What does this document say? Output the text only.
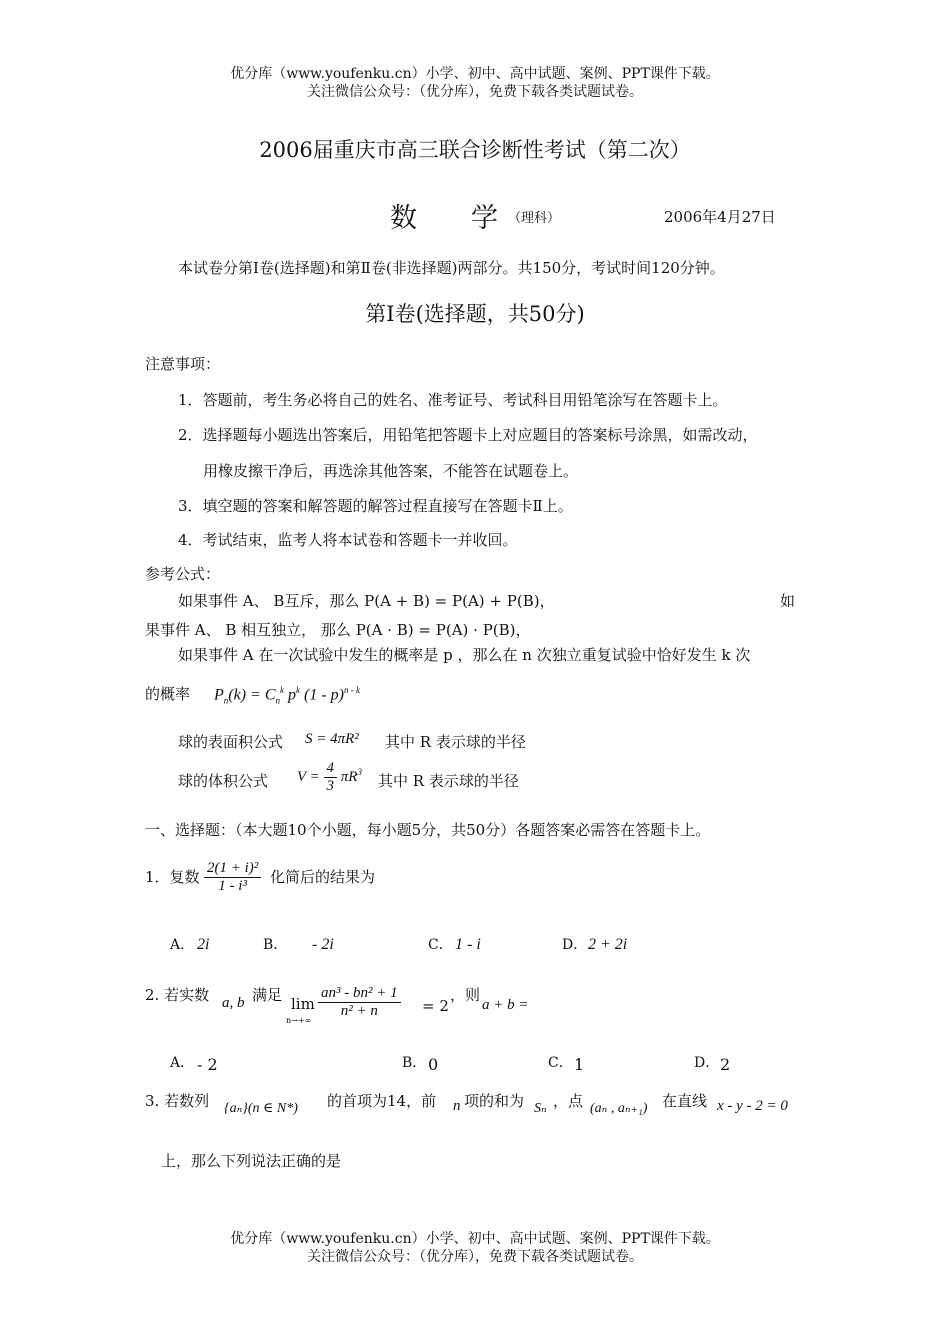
优分库（www.youfenku.cn）小学、初中、高中试题、案例、PPT课件下载。
关注微信公众号：（优分库），免费下载各类试题试卷。
2006届重庆市高三联合诊断性考试（第二次）
数　　学 （理科）	2006年4月27日
本试卷分第Ⅰ卷(选择题)和第Ⅱ卷(非选择题)两部分。共150分，考试时间120分钟。
第Ⅰ卷(选择题，共50分)
注意事项：
1．答题前，考生务必将自己的姓名、准考证号、考试科目用铅笔涂写在答题卡上。
2．选择题每小题选出答案后，用铅笔把答题卡上对应题目的答案标号涂黑，如需改动，
用橡皮擦干净后，再选涂其他答案，不能答在试题卷上。
3．填空题的答案和解答题的解答过程直接写在答题卡Ⅱ上。
4．考试结束，监考人将本试卷和答题卡一并收回。
参考公式：
如果事件 A、 B互斥，那么 P(A + B) = P(A) + P(B)，	如
果事件 A、 B 相互独立， 那么 P(A · B) = P(A) · P(B)，
如果事件 A 在一次试验中发生的概率是 p ，那么在 n 次独立重复试验中恰好发生 k 次
的概率 $P_n(k) = C_n^k$ $p^k$ (1 - p)$^{n - k}$
球的表面积公式 S = 4πR² 其中 R 表示球的半径
球的体积公式 $V = \frac{4}{3} \pi R^3$
其中 R 表示球的半径
一、选择题：（本大题10个小题，每小题5分，共50分）各题答案必需答在答题卡上。
1．复数 $\frac{\text{2(1 + i)²}}{\text{1 - i³}}$ 化简后的结果为
A． 2i	B． - 2i	C． 1 - i	D． 2 + 2i
2. 若实数 a, b 满足 lim
n→+∞
$\frac{\text{an³ - bn² + 1}}{\text{n² + n}} = 2$
，则
a + b =
A． - 2	B． 0	C． 1	D． 2
3. 若数列 {aₙ}(n ∈ N*) 的首项为14，前 n 项的和为 Sₙ ，点 (aₙ , aₙ₊₁) 在直线 x - y - 2 = 0
上，那么下列说法正确的是
优分库（www.youfenku.cn）小学、初中、高中试题、案例、PPT课件下载。
关注微信公众号：（优分库），免费下载各类试题试卷。
